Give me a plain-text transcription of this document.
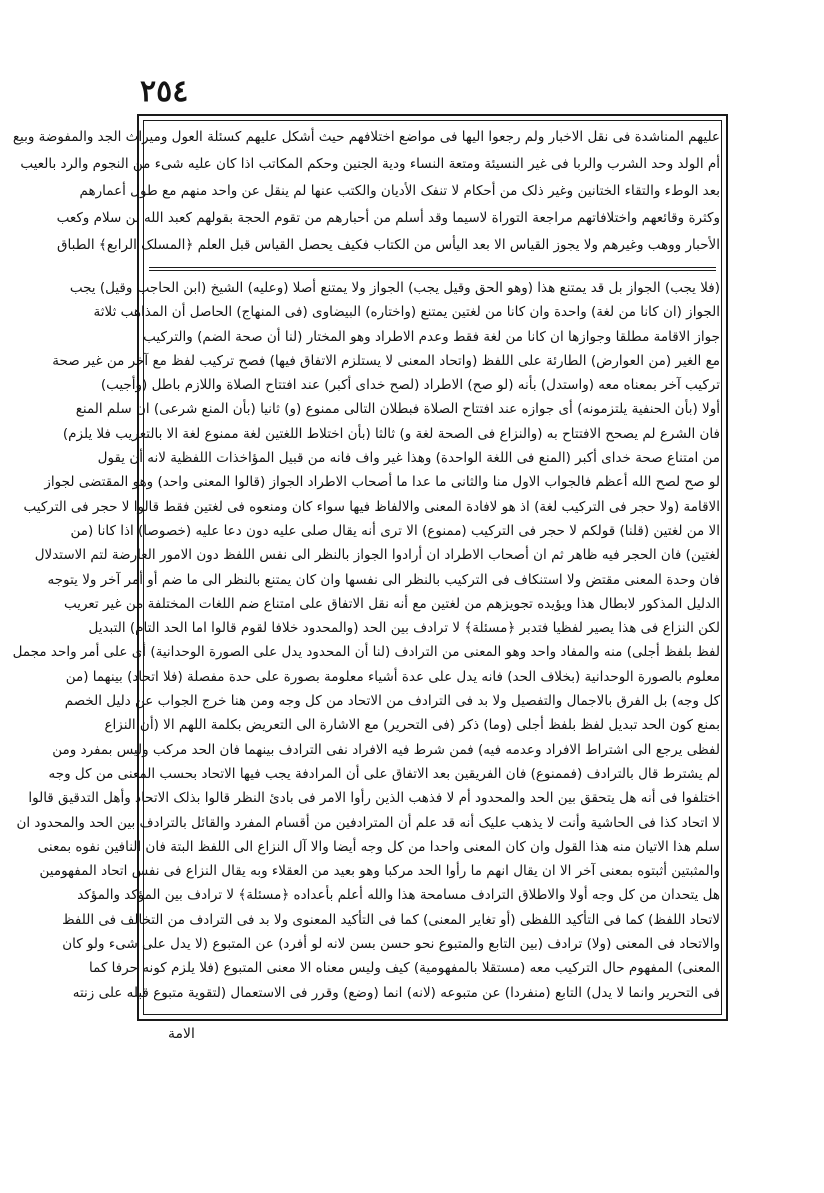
٢٥٤
علیهم المناشدة فی نقل الاخبار ولم رجعوا الیها فی مواضع اختلافهم حیث أشکل علیهم کسئلة العول ومیراث الجد والمفوضة وبیع
أم الولد وحد الشرب والربا فی غیر النسیئة ومتعة النساء ودیة الجنین وحکم المکاتب اذا کان علیه شیء من النجوم والرد بالعیب
بعد الوطء والتقاء الختانین وغیر ذلک من أحکام لا تنفک الأدیان والکتب عنها لم ینقل عن واحد منهم مع طول أعمارهم
وکثرة وقائعهم واختلافاتهم مراجعة التوراة لاسیما وقد أسلم من أحبارهم من تقوم الحجة بقولهم کعبد الله بن سلام وکعب
الأحبار ووهب وغیرهم ولا یجوز القیاس الا بعد الیأس من الکتاب فکیف یحصل القیاس قبل العلم ﴿المسلک الرابع﴾ الطباق
(فلا یجب) الجواز بل قد یمتنع هذا (وهو الحق وقیل یجب) الجواز ولا یمتنع أصلا (وعلیه) الشیخ (ابن الحاجب وقیل) یجب
الجواز (ان کانا من لغة) واحدة وان کانا من لغتین یمتنع (واختاره) البیضاوی (فی المنهاج) الحاصل أن المذاهب ثلاثة
جواز الاقامة مطلقا وجوازها ان کانا من لغة فقط وعدم الاطراد وهو المختار (لنا أن صحة الضم) والترکیب
مع الغیر (من العوارض) الطارئة علی اللفظ (واتحاد المعنی لا یستلزم الاتفاق فیها) فصح ترکیب لفظ مع آخر من غیر صحة
ترکیب آخر بمعناه معه (واستدل) بأنه (لو صح) الاطراد (لصح خدای أکبر) عند افتتاح الصلاة واللازم باطل (وأجیب)
أولا (بأن الحنفیة یلتزمونه) أی جوازه عند افتتاح الصلاة فبطلان التالی ممنوع (و) ثانیا (بأن المنع شرعی) ان سلم المنع
فان الشرع لم یصحح الافتتاح به (والنزاع فی الصحة لغة و) ثالثا (بأن اختلاط اللغتین لغة ممنوع لغة الا بالتعریب فلا یلزم)
من امتناع صحة خدای أکبر (المنع فی اللغة الواحدة) وهذا غیر واف فانه من قبیل المؤاخذات اللفظیة لانه أن یقول
لو صح لصح الله أعظم فالجواب الاول منا والثانی ما عدا ما أصحاب الاطراد الجواز (قالوا المعنی واحد) وهو المقتضی لجواز
الاقامة (ولا حجر فی الترکیب لغة) اذ هو لافادة المعنی والالفاظ فیها سواء کان ومنعوه فی لغتین فقط قالوا لا حجر فی الترکیب
الا من لغتین (قلنا) قولکم لا حجر فی الترکیب (ممنوع) الا تری أنه یقال صلی علیه دون دعا علیه (خصوصا) اذا کانا (من
لغتین) فان الحجر فیه ظاهر ثم ان أصحاب الاطراد ان أرادوا الجواز بالنظر الی نفس اللفظ دون الامور العارضة لتم الاستدلال
فان وحدة المعنی مقتض ولا استنکاف فی الترکیب بالنظر الی نفسها وان کان یمتنع بالنظر الی ما ضم أو أمر آخر ولا یتوجه
الدلیل المذکور لابطال هذا ویؤیده تجویزهم من لغتین مع أنه نقل الاتفاق علی امتناع ضم اللغات المختلفة من غیر تعریب
لکن النزاع فی هذا یصیر لفظیا فتدبر ﴿مسئلة﴾ لا ترادف بین الحد (والمحدود خلافا لقوم قالوا اما الحد التام) التبدیل
لفظ بلفظ أجلی) منه والمفاد واحد وهو المعنی من الترادف (لنا أن المحدود یدل علی الصورة الوحدانیة) أی علی أمر واحد مجمل
معلوم بالصورة الوحدانیة (بخلاف الحد) فانه یدل علی عدة أشیاء معلومة بصورة علی حدة مفصلة (فلا اتحاد) بینهما (من
کل وجه) بل الفرق بالاجمال والتفصیل ولا بد فی الترادف من الاتحاد من کل وجه ومن هنا خرج الجواب عن دلیل الخصم
بمنع کون الحد تبدیل لفظ بلفظ أجلی (وما) ذکر (فی التحریر) مع الاشارة الی التعریض بکلمة اللهم الا (أن النزاع
لفظی یرجع الی اشتراط الافراد وعدمه فیه) فمن شرط فیه الافراد نفی الترادف بینهما فان الحد مرکب ولیس بمفرد ومن
لم یشترط قال بالترادف (فممنوع) فان الفریقین بعد الاتفاق علی أن المرادفة یجب فیها الاتحاد بحسب المعنی من کل وجه
اختلفوا فی أنه هل یتحقق بین الحد والمحدود أم لا فذهب الذین رأوا الامر فی بادئ النظر قالوا بذلک الاتحاد وأهل التدقیق قالوا
لا اتحاد کذا فی الحاشیة وأنت لا یذهب علیک أنه قد علم أن المترادفین من أقسام المفرد والقائل بالترادف بین الحد والمحدود ان
سلم هذا الاتیان منه هذا القول وان کان المعنی واحدا من کل وجه أیضا والا آل النزاع الی اللفظ البتة فان النافین نفوه بمعنی
والمثبتین أثبتوه بمعنی آخر الا ان یقال انهم ما رأوا الحد مرکبا وهو بعید من العقلاء وبه یقال النزاع فی نفس اتحاد المفهومین
هل یتحدان من کل وجه أولا والاطلاق الترادف مسامحة هذا والله أعلم بأعداده ﴿مسئلة﴾ لا ترادف بین المؤکد والمؤکد
لاتحاد اللفظ) کما فی التأکید اللفظی (أو تغایر المعنی) کما فی التأکید المعنوی ولا بد فی الترادف من التخالف فی اللفظ
والاتحاد فی المعنی (ولا) ترادف (بین التابع والمتبوع نحو حسن بسن لانه لو أفرد) عن المتبوع (لا یدل علی شیء ولو کان
المعنی) المفهوم حال الترکیب معه (مستقلا بالمفهومیة) کیف ولیس معناه الا معنی المتبوع (فلا یلزم کونه حرفا کما
فی التحریر وانما لا یدل) التابع (منفردا) عن متبوعه (لانه) انما (وضع) وقرر فی الاستعمال (لتقویة متبوع قبله علی زنته
الامة
